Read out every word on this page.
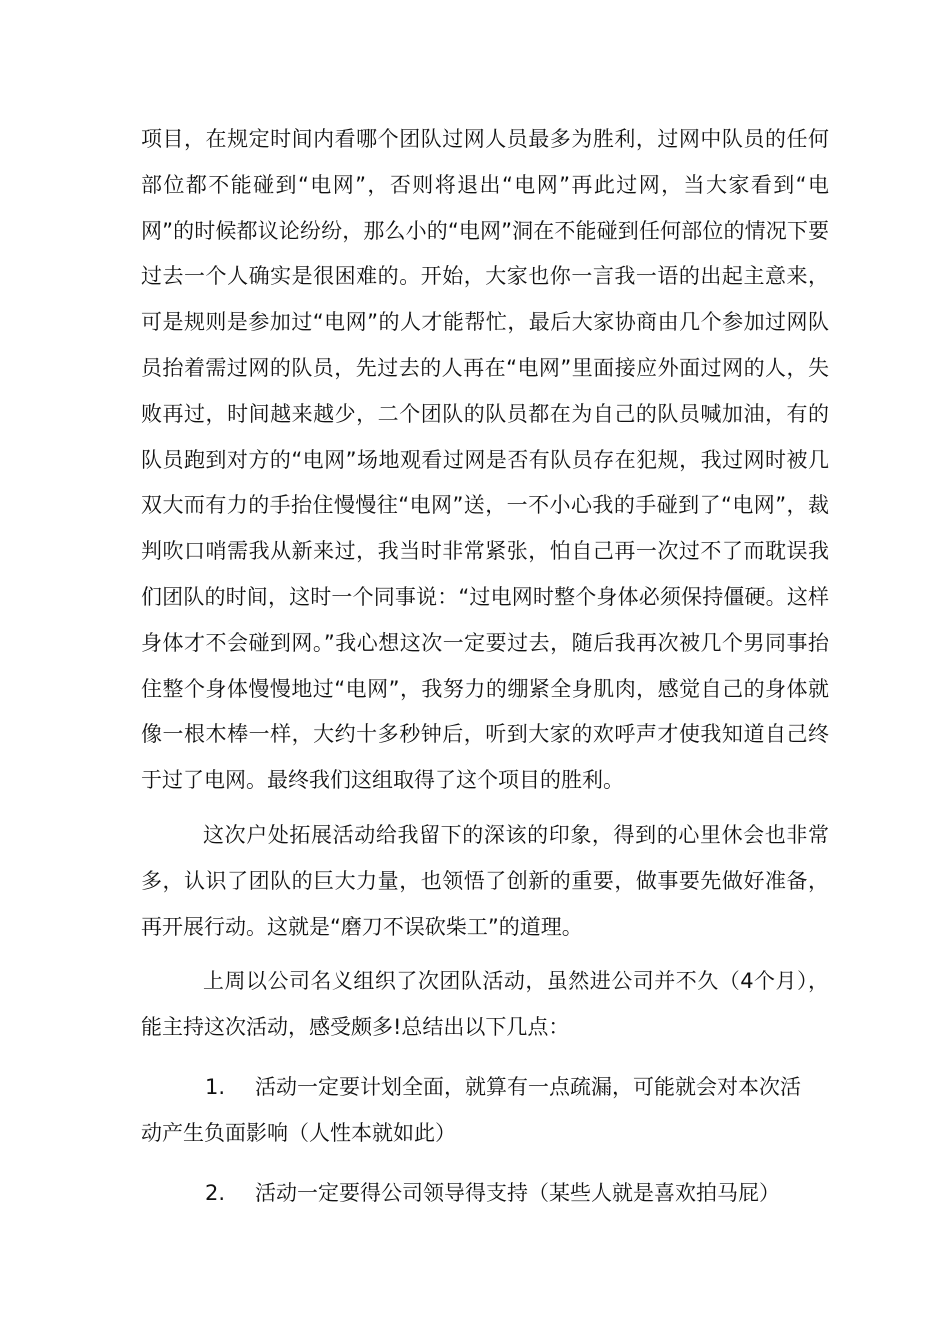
项目，在规定时间内看哪个团队过网人员最多为胜利，过网中队员的任何部位都不能碰到“电网”，否则将退出“电网”再此过网，当大家看到“电网”的时候都议论纷纷，那么小的“电网”洞在不能碰到任何部位的情况下要过去一个人确实是很困难的。开始，大家也你一言我一语的出起主意来，可是规则是参加过“电网”的人才能帮忙，最后大家协商由几个参加过网队员抬着需过网的队员，先过去的人再在“电网”里面接应外面过网的人，失败再过，时间越来越少，二个团队的队员都在为自己的队员喊加油，有的队员跑到对方的“电网”场地观看过网是否有队员存在犯规，我过网时被几双大而有力的手抬住慢慢往“电网”送，一不小心我的手碰到了“电网”，裁判吹口哨需我从新来过，我当时非常紧张，怕自己再一次过不了而耽误我们团队的时间，这时一个同事说：“过电网时整个身体必须保持僵硬。这样身体才不会碰到网。”我心想这次一定要过去，随后我再次被几个男同事抬住整个身体慢慢地过“电网”，我努力的绷紧全身肌肉，感觉自己的身体就像一根木棒一样，大约十多秒钟后，听到大家的欢呼声才使我知道自己终于过了电网。最终我们这组取得了这个项目的胜利。

这次户处拓展活动给我留下的深该的印象，得到的心里休会也非常多，认识了团队的巨大力量，也领悟了创新的重要，做事要先做好准备，再开展行动。这就是“磨刀不误砍柴工”的道理。

上周以公司名义组织了次团队活动，虽然进公司并不久（4个月），能主持这次活动，感受颇多!总结出以下几点：

1. 活动一定要计划全面，就算有一点疏漏，可能就会对本次活动产生负面影响（人性本就如此）

2. 活动一定要得公司领导得支持（某些人就是喜欢拍马屁）
